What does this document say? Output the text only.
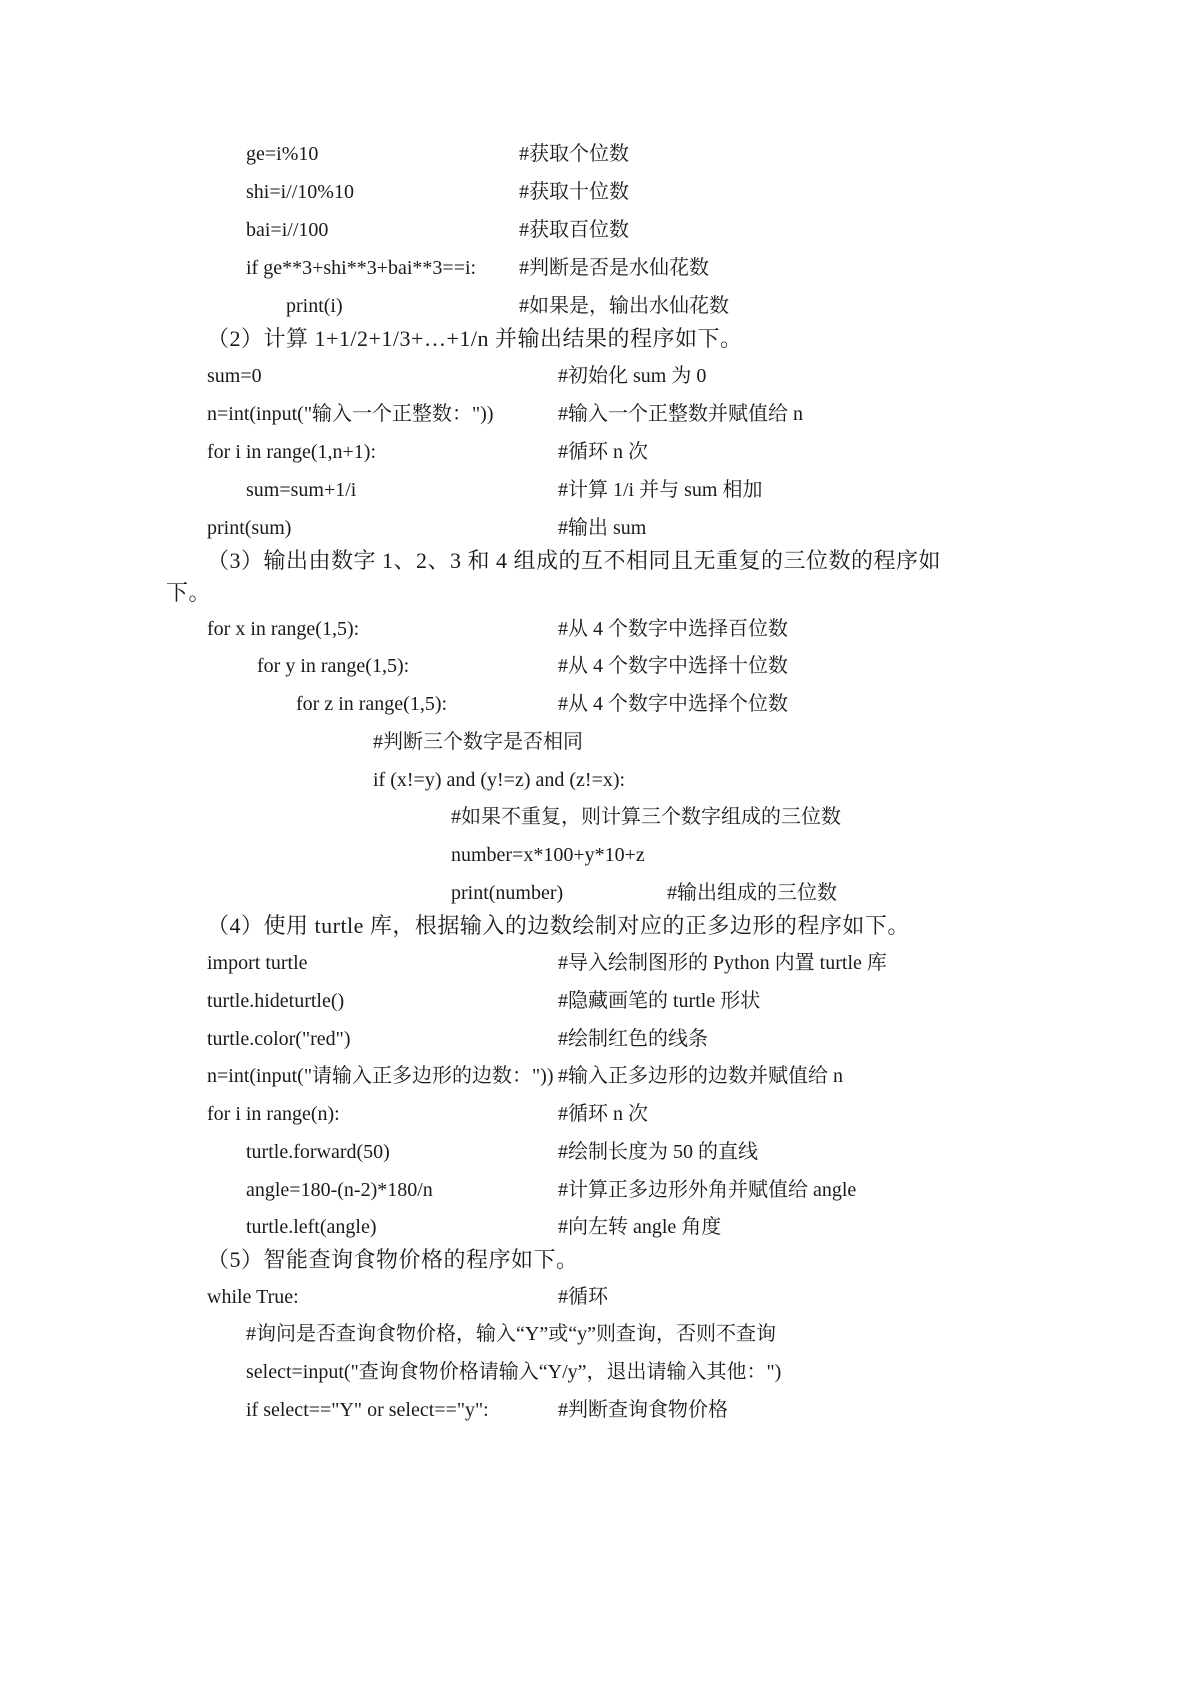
ge=i%10	#获取个位数
shi=i//10%10	#获取十位数
bai=i//100	#获取百位数
if ge**3+shi**3+bai**3==i: #判断是否是水仙花数
print(i)	#如果是，输出水仙花数
（2）计算 1+1/2+1/3+…+1/n 并输出结果的程序如下。
sum=0	#初始化 sum 为 0
n=int(input("输入一个正整数："))	#输入一个正整数并赋值给 n
for i in range(1,n+1):	#循环 n 次
sum=sum+1/i	#计算 1/i 并与 sum 相加
print(sum)	#输出 sum
（3）输出由数字 1、2、3 和 4 组成的互不相同且无重复的三位数的程序如
下。
for x in range(1,5):	#从 4 个数字中选择百位数
for y in range(1,5):	#从 4 个数字中选择十位数
for z in range(1,5):	#从 4 个数字中选择个位数
#判断三个数字是否相同
if (x!=y) and (y!=z) and (z!=x):
#如果不重复，则计算三个数字组成的三位数
number=x*100+y*10+z
print(number)	#输出组成的三位数
（4）使用 turtle 库，根据输入的边数绘制对应的正多边形的程序如下。
import turtle	#导入绘制图形的 Python 内置 turtle 库
turtle.hideturtle()	#隐藏画笔的 turtle 形状
turtle.color("red")	#绘制红色的线条
n=int(input("请输入正多边形的边数：")) #输入正多边形的边数并赋值给 n
for i in range(n):	#循环 n 次
turtle.forward(50)	#绘制长度为 50 的直线
angle=180-(n-2)*180/n	#计算正多边形外角并赋值给 angle
turtle.left(angle)	#向左转 angle 角度
（5）智能查询食物价格的程序如下。
while True:	#循环
#询问是否查询食物价格，输入“Y”或“y”则查询，否则不查询
select=input("查询食物价格请输入“Y/y”，退出请输入其他：")
if select=="Y" or select=="y":	#判断查询食物价格
